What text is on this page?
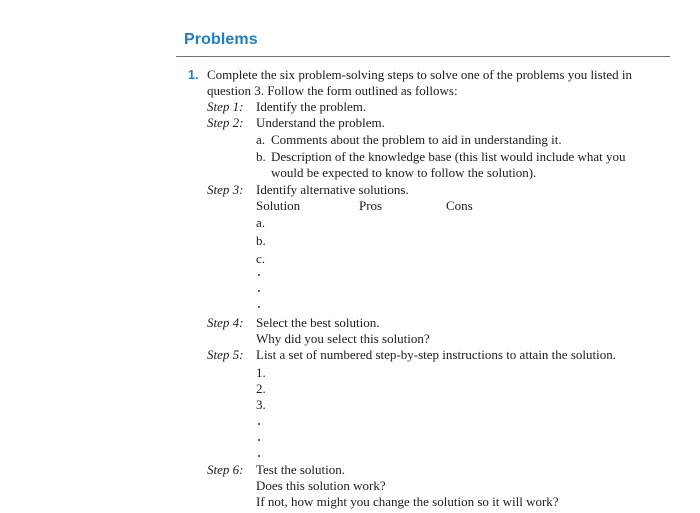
Problems
1. Complete the six problem-solving steps to solve one of the problems you listed in
question 3. Follow the form outlined as follows:
Step 1: Identify the problem.
Step 2: Understand the problem.
a. Comments about the problem to aid in understanding it.
b. Description of the knowledge base (this list would include what you
would be expected to know to follow the solution).
Step 3: Identify alternative solutions.
Solution	Pros	Cons
a.
b.
c.
Step 4: Select the best solution.
Why did you select this solution?
Step 5: List a set of numbered step-by-step instructions to attain the solution.
1.
2.
3.
Step 6: Test the solution.
Does this solution work?
If not, how might you change the solution so it will work?
